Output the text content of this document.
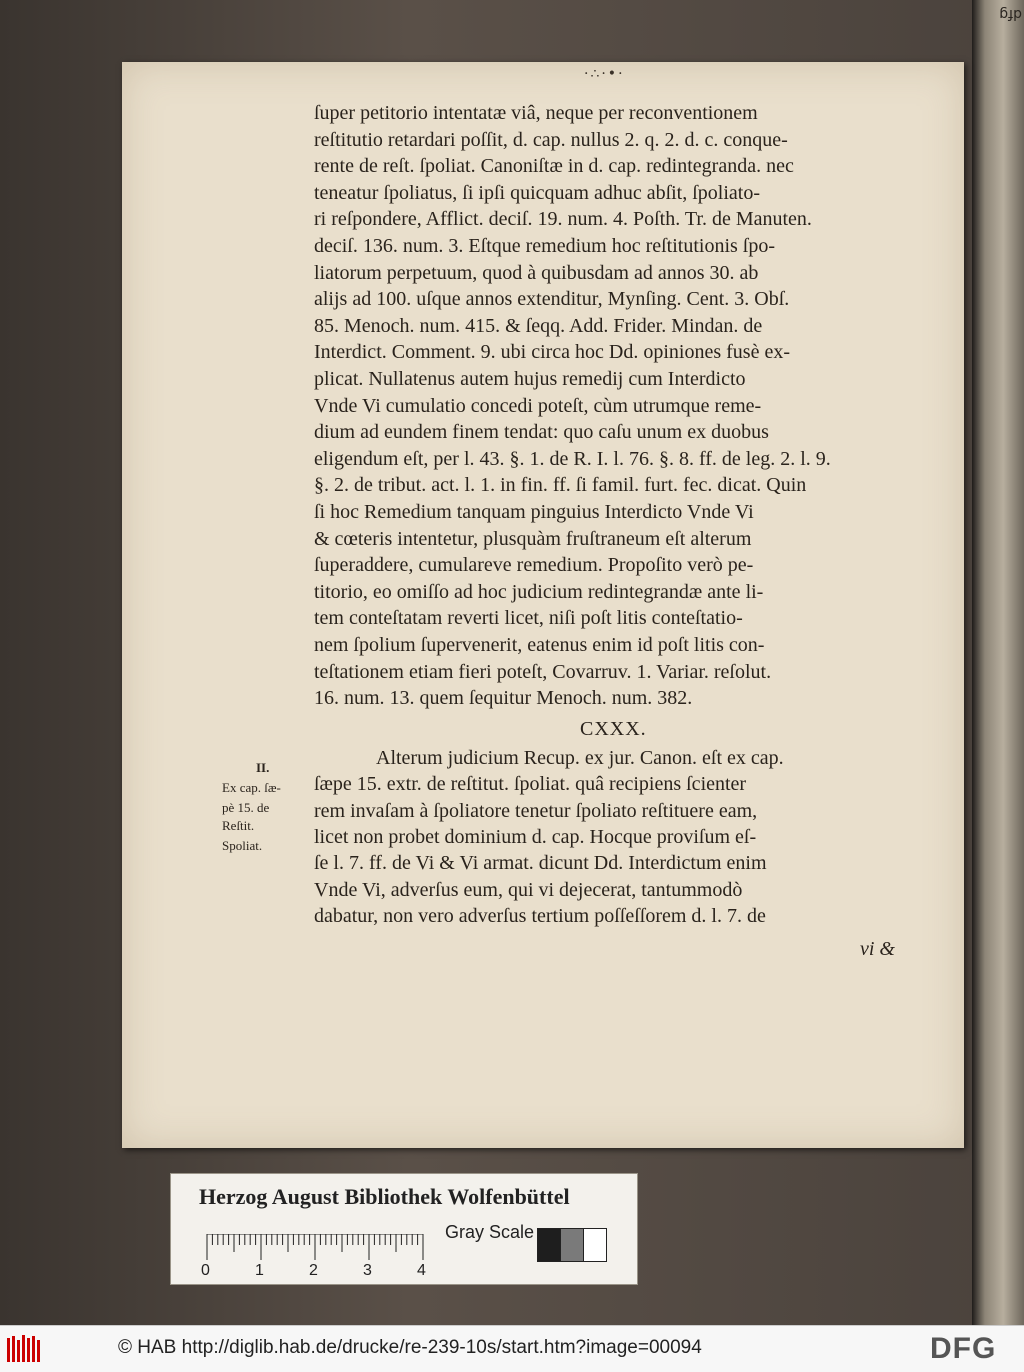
dfg
·∴·•·
ſuper petitorio intentatæ viâ, neque per reconventionem
reſtitutio retardari poſſit, d. cap. nullus 2. q. 2. d. c. conque-
rente de reſt. ſpoliat. Canoniſtæ in d. cap. redintegranda. nec
teneatur ſpoliatus, ſi ipſi quicquam adhuc abſit, ſpoliato-
ri reſpondere, Afflict. deciſ. 19. num. 4. Poſth. Tr. de Manuten.
deciſ. 136. num. 3. Eſtque remedium hoc reſtitutionis ſpo-
liatorum perpetuum, quod à quibusdam ad annos 30. ab
alijs ad 100. uſque annos extenditur, Mynſing. Cent. 3. Obſ.
85. Menoch. num. 415. & ſeqq. Add. Frider. Mindan. de
Interdict. Comment. 9. ubi circa hoc Dd. opiniones fusè ex-
plicat. Nullatenus autem hujus remedij cum Interdicto
Vnde Vi cumulatio concedi poteſt, cùm utrumque reme-
dium ad eundem finem tendat: quo caſu unum ex duobus
eligendum eſt, per l. 43. §. 1. de R. I. l. 76. §. 8. ff. de leg. 2. l. 9.
§. 2. de tribut. act. l. 1. in fin. ff. ſi famil. furt. fec. dicat. Quin
ſi hoc Remedium tanquam pinguius Interdicto Vnde Vi
& cœteris intentetur, plusquàm fruſtraneum eſt alterum
ſuperaddere, cumulareve remedium. Propoſito verò pe-
titorio, eo omiſſo ad hoc judicium redintegrandæ ante li-
tem conteſtatam reverti licet, niſi poſt litis conteſtatio-
nem ſpolium ſupervenerit, eatenus enim id poſt litis con-
teſtationem etiam fieri poteſt, Covarruv. 1. Variar. reſolut.
16. num. 13. quem ſequitur Menoch. num. 382.
CXXX.
Alterum judicium Recup. ex jur. Canon. eſt ex cap.
ſæpe 15. extr. de reſtitut. ſpoliat. quâ recipiens ſcienter
rem invaſam à ſpoliatore tenetur ſpoliato reſtituere eam,
licet non probet dominium d. cap. Hocque proviſum eſ-
ſe l. 7. ff. de Vi & Vi armat. dicunt Dd. Interdictum enim
Vnde Vi, adverſus eum, qui vi dejecerat, tantummodò
dabatur, non vero adverſus tertium poſſeſſorem d. l. 7. de
II.
Ex cap. ſæ-
pè 15. de
Reſtit.
Spoliat.
vi &
Herzog August Bibliothek Wolfenbüttel
0	1	2	3	4
Gray Scale
© HAB http://diglib.hab.de/drucke/re-239-10s/start.htm?image=00094	DFG
